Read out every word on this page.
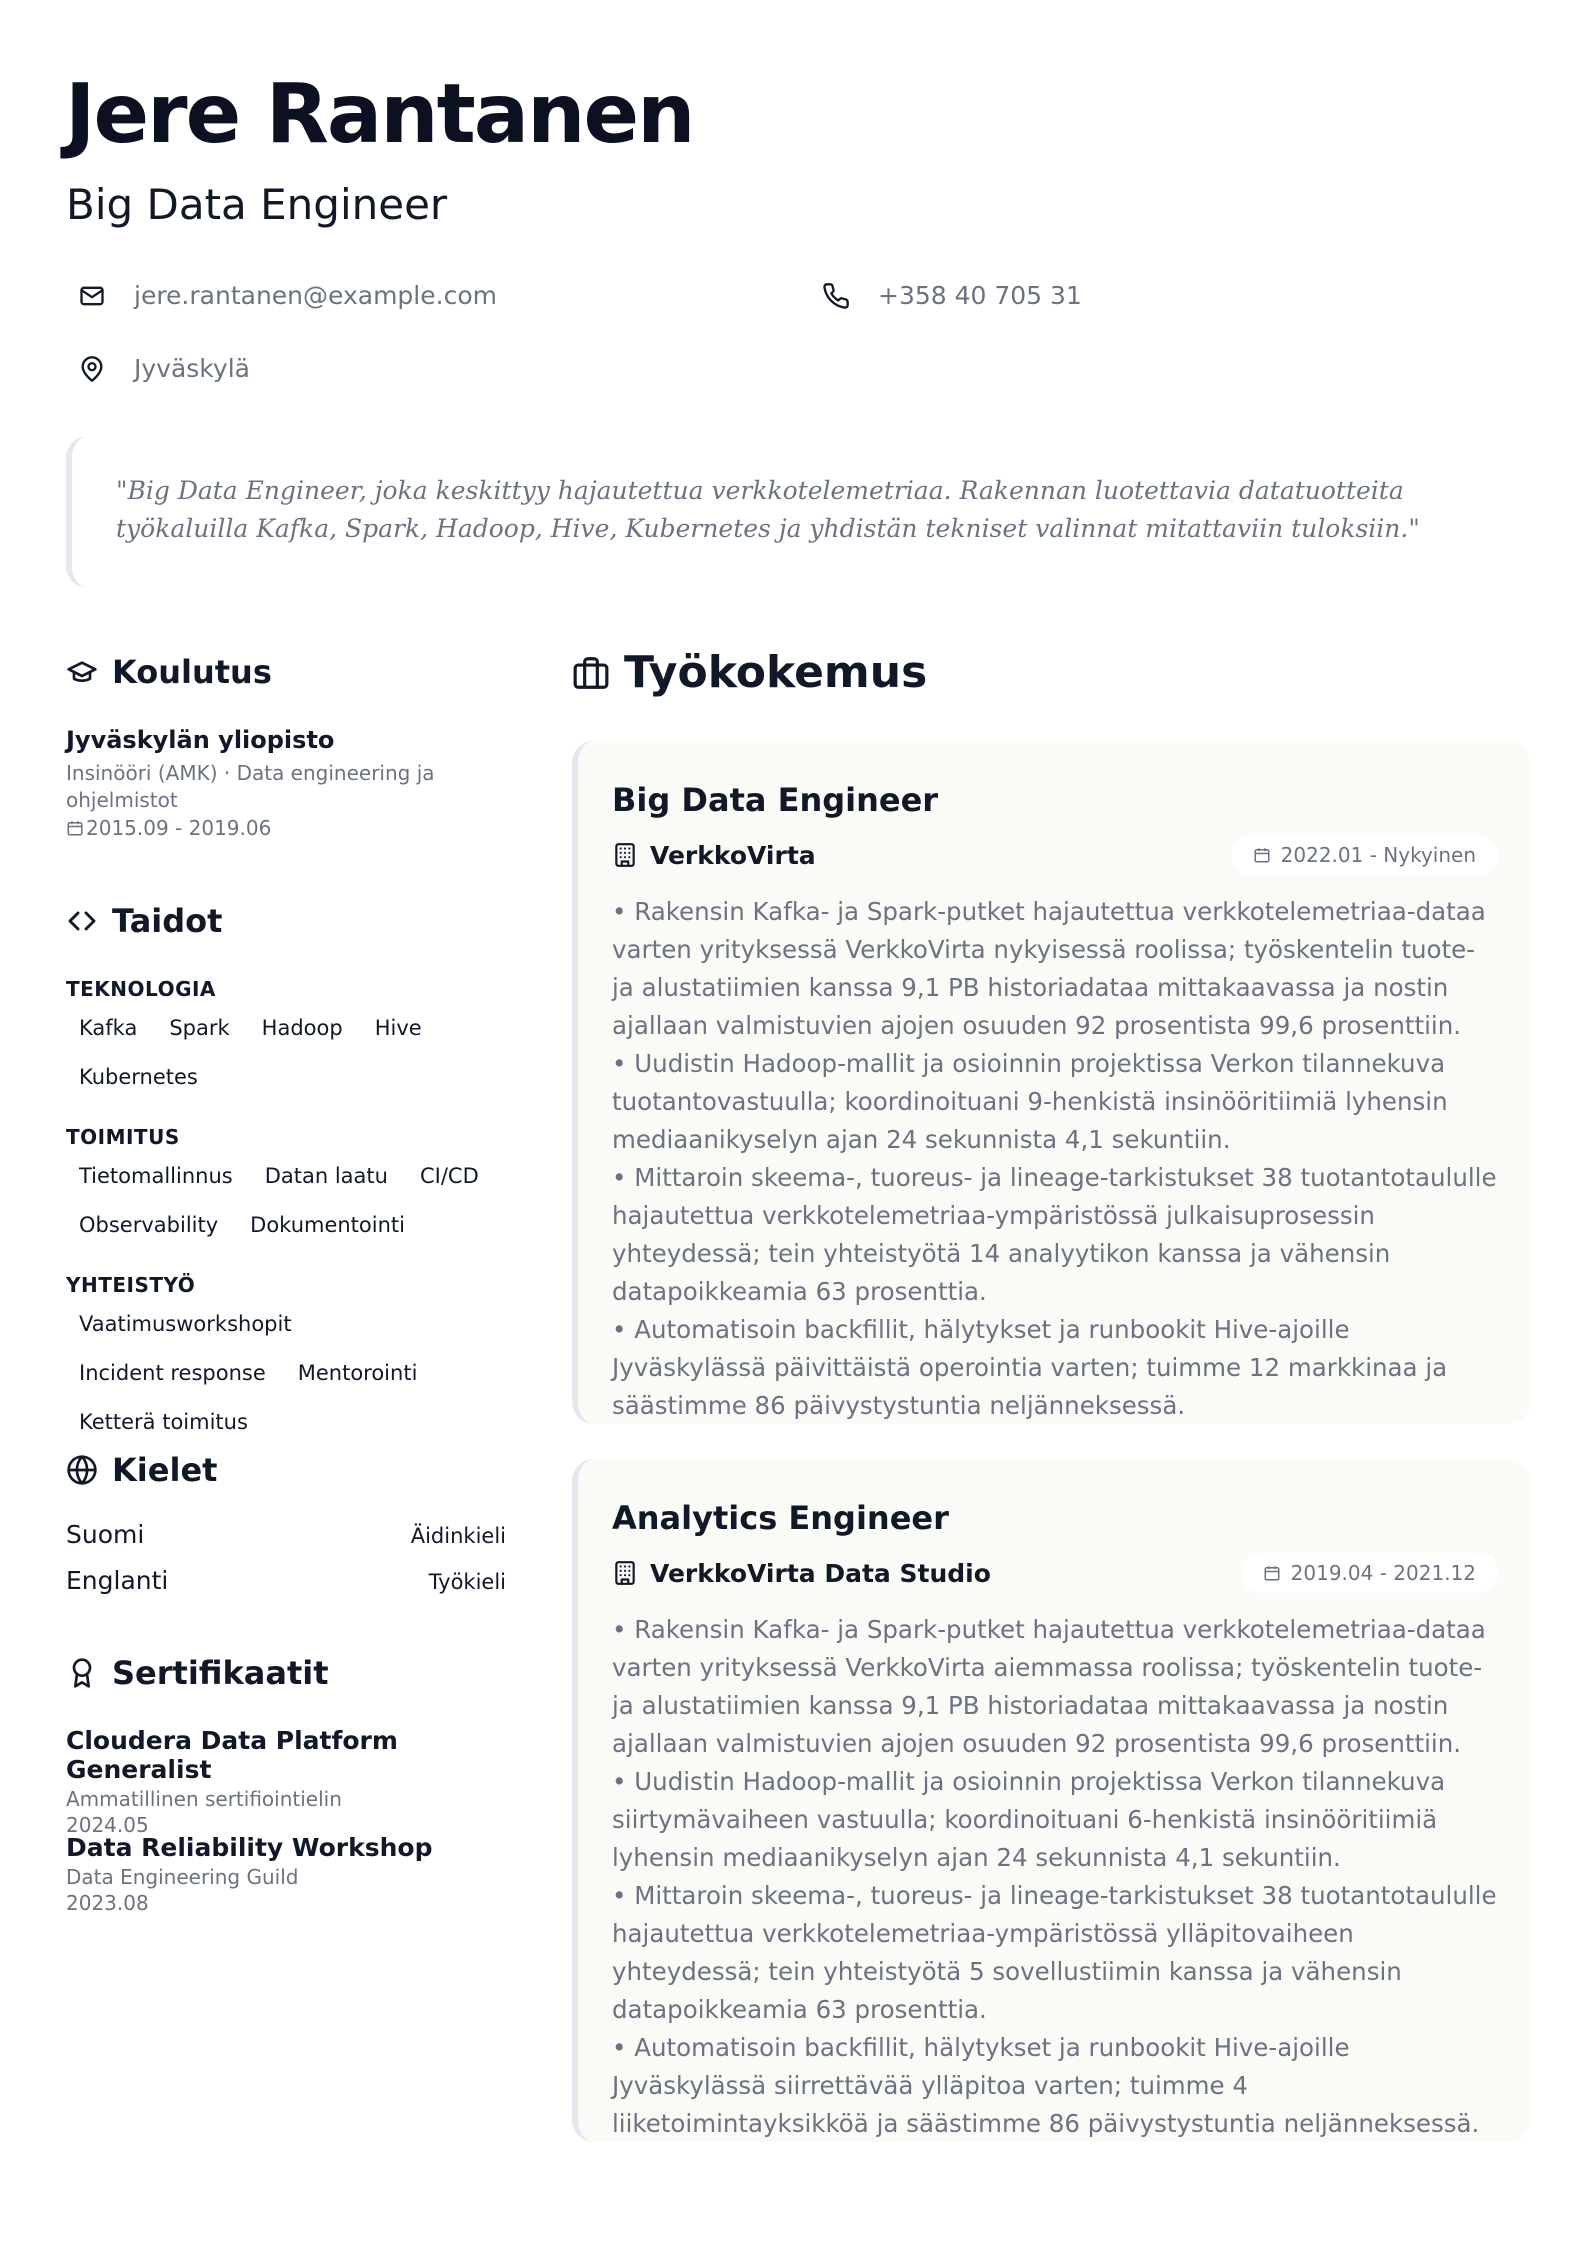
Jere Rantanen
Big Data Engineer
jere.rantanen@example.com	+358 40 705 31
Jyväskylä
"Big Data Engineer, joka keskittyy hajautettua verkkotelemetriaa. Rakennan luotettavia datatuotteita työkaluilla Kafka, Spark, Hadoop, Hive, Kubernetes ja yhdistän tekniset valinnat mitattaviin tuloksiin."
Koulutus
Jyväskylän yliopisto
Insinööri (AMK) · Data engineering ja ohjelmistot
2015.09 - 2019.06
Taidot
TEKNOLOGIA
Kafka	Spark	Hadoop	Hive
Kubernetes
TOIMITUS
Tietomallinnus	Datan laatu	CI/CD
Observability	Dokumentointi
YHTEISTYÖ
Vaatimusworkshopit
Incident response	Mentorointi
Ketterä toimitus
Kielet
Suomi	Äidinkieli
Englanti	Työkieli
Sertifikaatit
Cloudera Data Platform Generalist
Ammatillinen sertifiointielin
2024.05
Data Reliability Workshop
Data Engineering Guild
2023.08
Työkokemus
Big Data Engineer
VerkkoVirta	2022.01 - Nykyinen
• Rakensin Kafka- ja Spark-putket hajautettua verkkotelemetriaa-dataa varten yrityksessä VerkkoVirta nykyisessä roolissa; työskentelin tuote- ja alustatiimien kanssa 9,1 PB historiadataa mittakaavassa ja nostin ajallaan valmistuvien ajojen osuuden 92 prosentista 99,6 prosenttiin.
• Uudistin Hadoop-mallit ja osioinnin projektissa Verkon tilannekuva tuotantovastuulla; koordinoituani 9-henkistä insinööritiimiä lyhensin mediaanikyselyn ajan 24 sekunnista 4,1 sekuntiin.
• Mittaroin skeema-, tuoreus- ja lineage-tarkistukset 38 tuotantotaululle hajautettua verkkotelemetriaa-ympäristössä julkaisuprosessin yhteydessä; tein yhteistyötä 14 analyytikon kanssa ja vähensin datapoikkeamia 63 prosenttia.
• Automatisoin backfillit, hälytykset ja runbookit Hive-ajoille Jyväskylässä päivittäistä operointia varten; tuimme 12 markkinaa ja säästimme 86 päivystystuntia neljänneksessä.
Analytics Engineer
VerkkoVirta Data Studio	2019.04 - 2021.12
• Rakensin Kafka- ja Spark-putket hajautettua verkkotelemetriaa-dataa varten yrityksessä VerkkoVirta aiemmassa roolissa; työskentelin tuote- ja alustatiimien kanssa 9,1 PB historiadataa mittakaavassa ja nostin ajallaan valmistuvien ajojen osuuden 92 prosentista 99,6 prosenttiin.
• Uudistin Hadoop-mallit ja osioinnin projektissa Verkon tilannekuva siirtymävaiheen vastuulla; koordinoituani 6-henkistä insinööritiimiä lyhensin mediaanikyselyn ajan 24 sekunnista 4,1 sekuntiin.
• Mittaroin skeema-, tuoreus- ja lineage-tarkistukset 38 tuotantotaululle hajautettua verkkotelemetriaa-ympäristössä ylläpitovaiheen yhteydessä; tein yhteistyötä 5 sovellustiimin kanssa ja vähensin datapoikkeamia 63 prosenttia.
• Automatisoin backfillit, hälytykset ja runbookit Hive-ajoille Jyväskylässä siirrettävää ylläpitoa varten; tuimme 4 liiketoimintayksikköä ja säästimme 86 päivystystuntia neljänneksessä.
